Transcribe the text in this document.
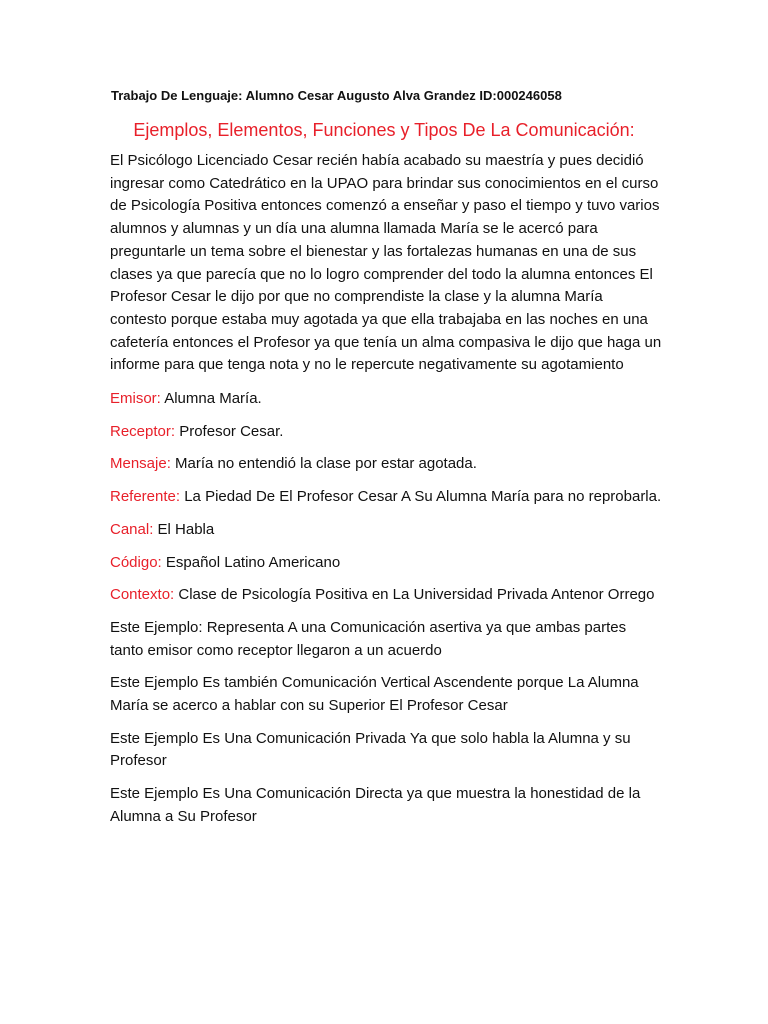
Trabajo De Lenguaje: Alumno Cesar Augusto Alva Grandez ID:000246058
Ejemplos, Elementos, Funciones y Tipos De La Comunicación:

El Psicólogo Licenciado Cesar recién había acabado su maestría y pues decidió ingresar como Catedrático en la UPAO para brindar sus conocimientos en el curso de Psicología Positiva entonces comenzó a enseñar y paso el tiempo y tuvo varios alumnos y alumnas y un día una alumna llamada María se le acercó para preguntarle un tema sobre el bienestar y las fortalezas humanas en una de sus clases ya que parecía que no lo logro comprender del todo la alumna entonces El Profesor Cesar le dijo por que no comprendiste la clase y la alumna María contesto porque estaba muy agotada ya que ella trabajaba en las noches en una cafetería entonces el Profesor ya que tenía un alma compasiva le dijo que haga un informe para que tenga nota y no le repercute negativamente su agotamiento

Emisor: Alumna María.

Receptor: Profesor Cesar.

Mensaje: María no entendió la clase por estar agotada.

Referente: La Piedad De El Profesor Cesar A Su Alumna María para no reprobarla.

Canal: El Habla

Código: Español Latino Americano

Contexto: Clase de Psicología Positiva en La Universidad Privada Antenor Orrego

Este Ejemplo: Representa A una Comunicación asertiva ya que ambas partes tanto emisor como receptor llegaron a un acuerdo

Este Ejemplo Es también Comunicación Vertical Ascendente porque La Alumna María se acerco a hablar con su Superior El Profesor Cesar

Este Ejemplo Es Una Comunicación Privada Ya que solo habla la Alumna y su Profesor

Este Ejemplo Es Una Comunicación Directa ya que muestra la honestidad de la Alumna a Su Profesor
